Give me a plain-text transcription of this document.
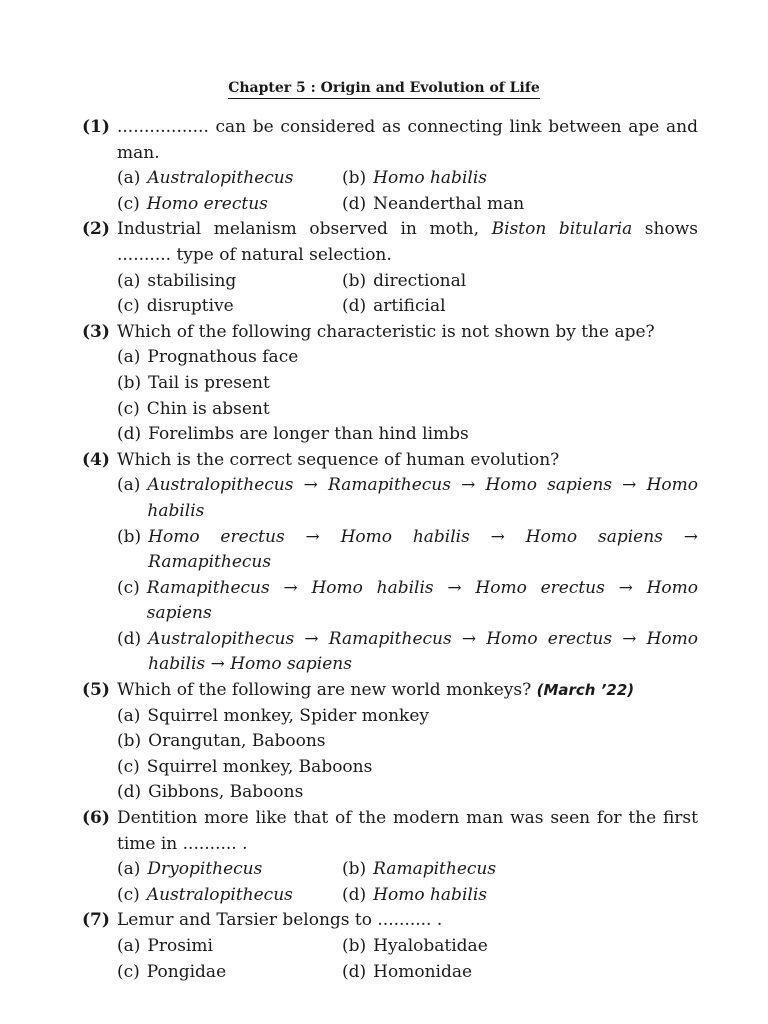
Chapter 5 : Origin and Evolution of Life
(1) ................. can be considered as connecting link between ape and man.
(a) Australopithecus	(b) Homo habilis
(c) Homo erectus	(d) Neanderthal man
(2) Industrial melanism observed in moth, Biston bitularia shows .......... type of natural selection.
(a) stabilising	(b) directional
(c) disruptive	(d) artificial
(3) Which of the following characteristic is not shown by the ape?
(a) Prognathous face
(b) Tail is present
(c) Chin is absent
(d) Forelimbs are longer than hind limbs
(4) Which is the correct sequence of human evolution?
(a) Australopithecus → Ramapithecus → Homo sapiens → Homo habilis
(b) Homo erectus → Homo habilis → Homo sapiens → Ramapithecus
(c) Ramapithecus → Homo habilis → Homo erectus → Homo sapiens
(d) Australopithecus → Ramapithecus → Homo erectus → Homo habilis → Homo sapiens
(5) Which of the following are new world monkeys? (March ’22)
(a) Squirrel monkey, Spider monkey
(b) Orangutan, Baboons
(c) Squirrel monkey, Baboons
(d) Gibbons, Baboons
(6) Dentition more like that of the modern man was seen for the first time in .......... .
(a) Dryopithecus	(b) Ramapithecus
(c) Australopithecus	(d) Homo habilis
(7) Lemur and Tarsier belongs to .......... .
(a) Prosimi	(b) Hyalobatidae
(c) Pongidae	(d) Homonidae
